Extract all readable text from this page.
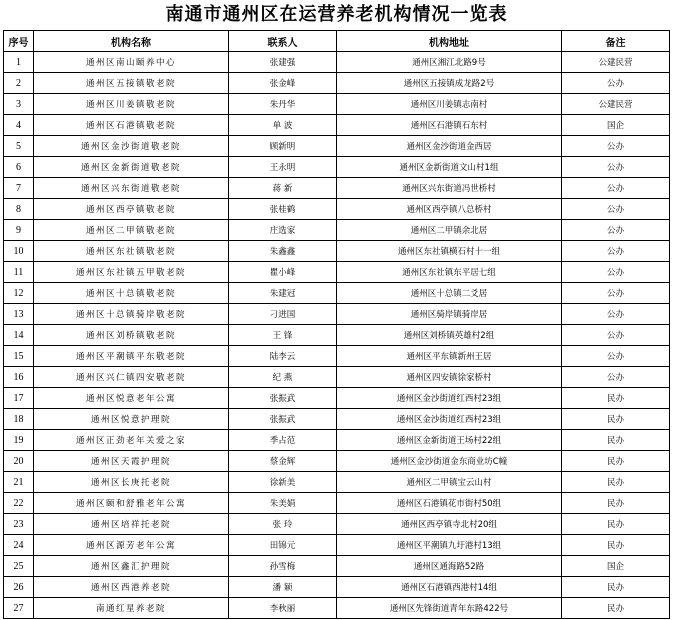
南通市通州区在运营养老机构情况一览表
序号	机构名称	联系人	机构地址	备注
1	通州区南山颐养中心	张建强	通州区湘江北路9号	公建民营
2	通州区五接镇敬老院	张金峰	通州区五接镇成龙路2号	公办
3	通州区川姜镇敬老院	朱丹华	通州区川姜镇志南村	公建民营
4	通州区石港镇敬老院	单 波	通州区石港镇石东村	国企
5	通州区金沙街道敬老院	顾新明	通州区金沙街道金西居	公办
6	通州区金新街道敬老院	王永明	通州区金新街道文山村1组	公办
7	通州区兴东街道敬老院	蒋 新	通州区兴东街道冯世桥村	公办
8	通州区西亭镇敬老院	张桂鹤	通州区西亭镇八总桥村	公办
9	通州区二甲镇敬老院	庄选家	通州区二甲镇余北居	公办
10	通州区东社镇敬老院	朱鑫鑫	通州区东社镇横石村十一组	公办
11	通州区东社镇五甲敬老院	瞿小峰	通州区东社镇东平居七组	公办
12	通州区十总镇敬老院	朱建冠	通州区十总镇二爻居	公办
13	通州区十总镇骑岸敬老院	刁进国	通州区骑岸镇骑岸居	公办
14	通州区刘桥镇敬老院	王 锋	通州区刘桥镇英雄村2组	公办
15	通州区平潮镇平东敬老院	陆李云	通州区平东镇新州王居	公办
16	通州区兴仁镇四安敬老院	纪 燕	通州区四安镇徐家桥村	公办
17	通州区悦意老年公寓	张振武	通州区金沙街道红西村23组	民办
18	通州区悦意护理院	张振武	通州区金沙街道红西村23组	民办
19	通州区正劲老年关爱之家	季占范	通州区金新街道王场村22组	民办
20	通州区天霞护理院	蔡金辉	通州区金沙街道金东商业坊C幢	民办
21	通州区长庚托老院	徐新美	通州区二甲镇宝云山村	民办
22	通州区颐和舒雅老年公寓	朱美娟	通州区石港镇花市街村50组	民办
23	通州区培祥托老院	张 玲	通州区西亭镇寺北村20组	民办
24	通州区源芳老年公寓	田锦元	通州区平潮镇九圩港村13组	民办
25	通州区鑫汇护理院	孙雪梅	通州区通海路52路	国企
26	通州区西港养老院	潘 颖	通州区石港镇西港村14组	民办
27	南通红星养老院	李秋丽	通州区先锋街道青年东路422号	民办
